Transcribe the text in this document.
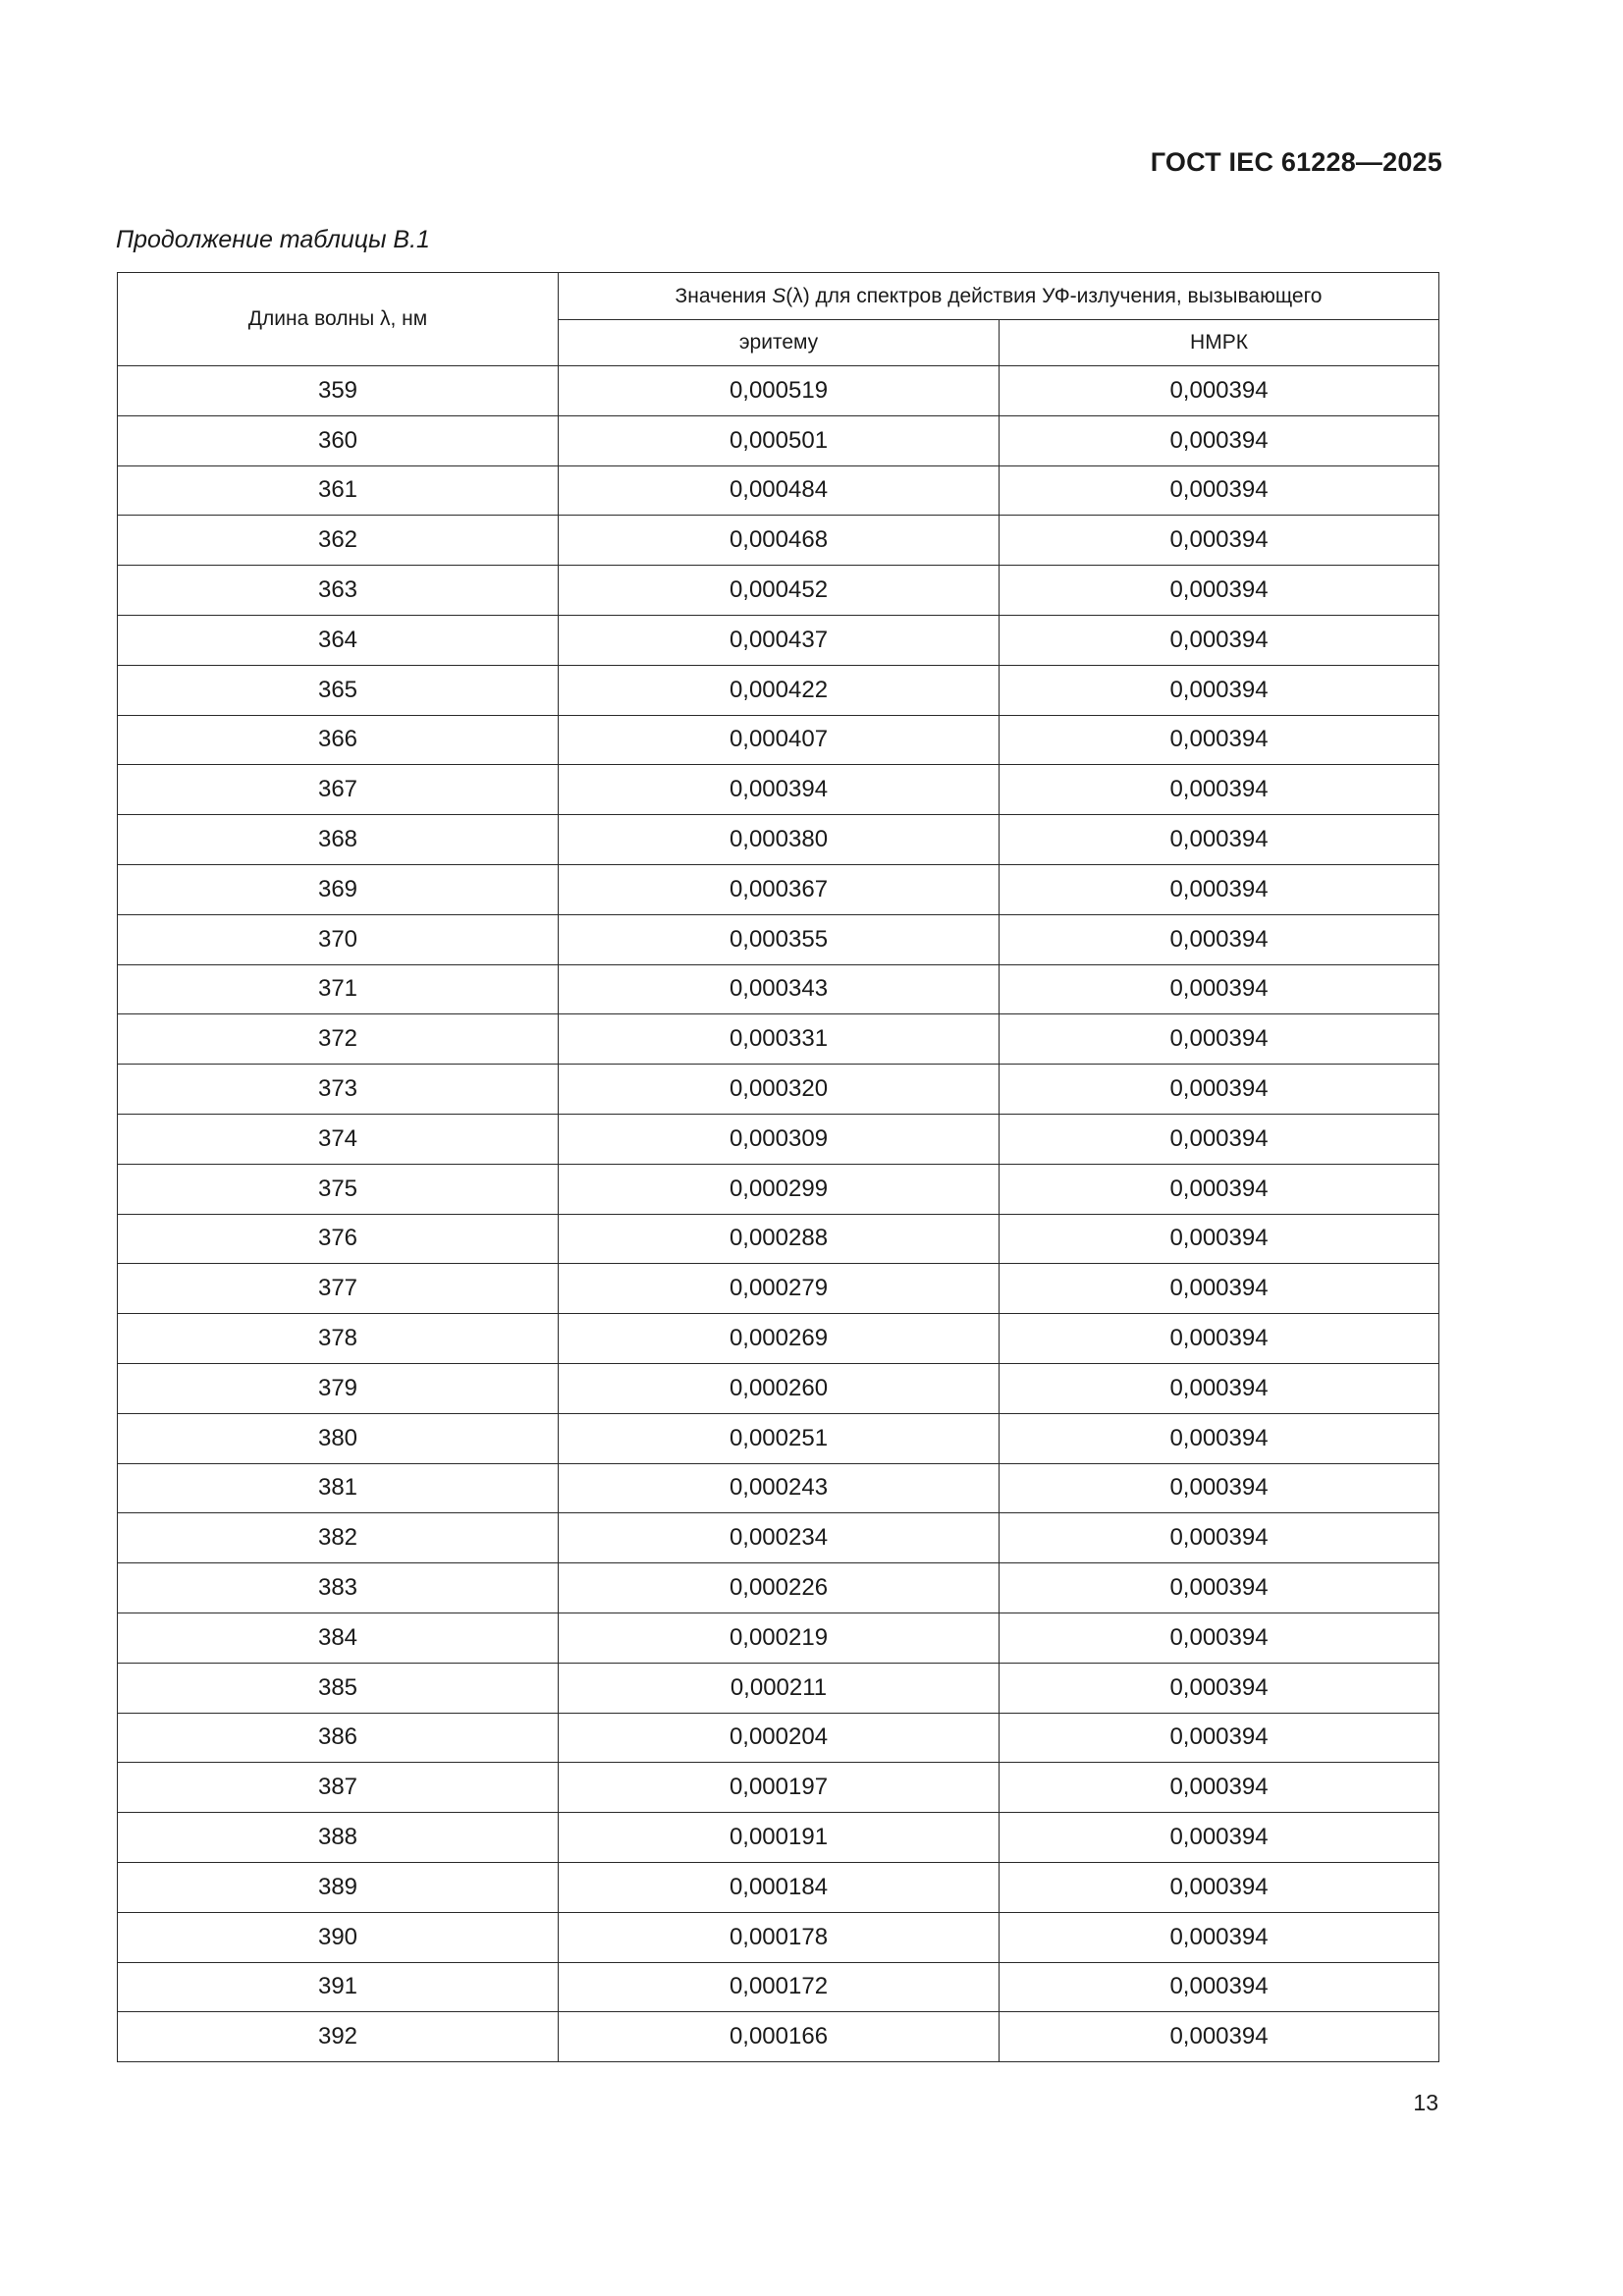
ГОСТ IEC 61228—2025
Продолжение таблицы В.1
Длина волны λ, нм	Значения S(λ) для спектров действия УФ-излучения, вызывающего	
	эритему	НМРК
359	0,000519	0,000394
360	0,000501	0,000394
361	0,000484	0,000394
362	0,000468	0,000394
363	0,000452	0,000394
364	0,000437	0,000394
365	0,000422	0,000394
366	0,000407	0,000394
367	0,000394	0,000394
368	0,000380	0,000394
369	0,000367	0,000394
370	0,000355	0,000394
371	0,000343	0,000394
372	0,000331	0,000394
373	0,000320	0,000394
374	0,000309	0,000394
375	0,000299	0,000394
376	0,000288	0,000394
377	0,000279	0,000394
378	0,000269	0,000394
379	0,000260	0,000394
380	0,000251	0,000394
381	0,000243	0,000394
382	0,000234	0,000394
383	0,000226	0,000394
384	0,000219	0,000394
385	0,000211	0,000394
386	0,000204	0,000394
387	0,000197	0,000394
388	0,000191	0,000394
389	0,000184	0,000394
390	0,000178	0,000394
391	0,000172	0,000394
392	0,000166	0,000394
13
